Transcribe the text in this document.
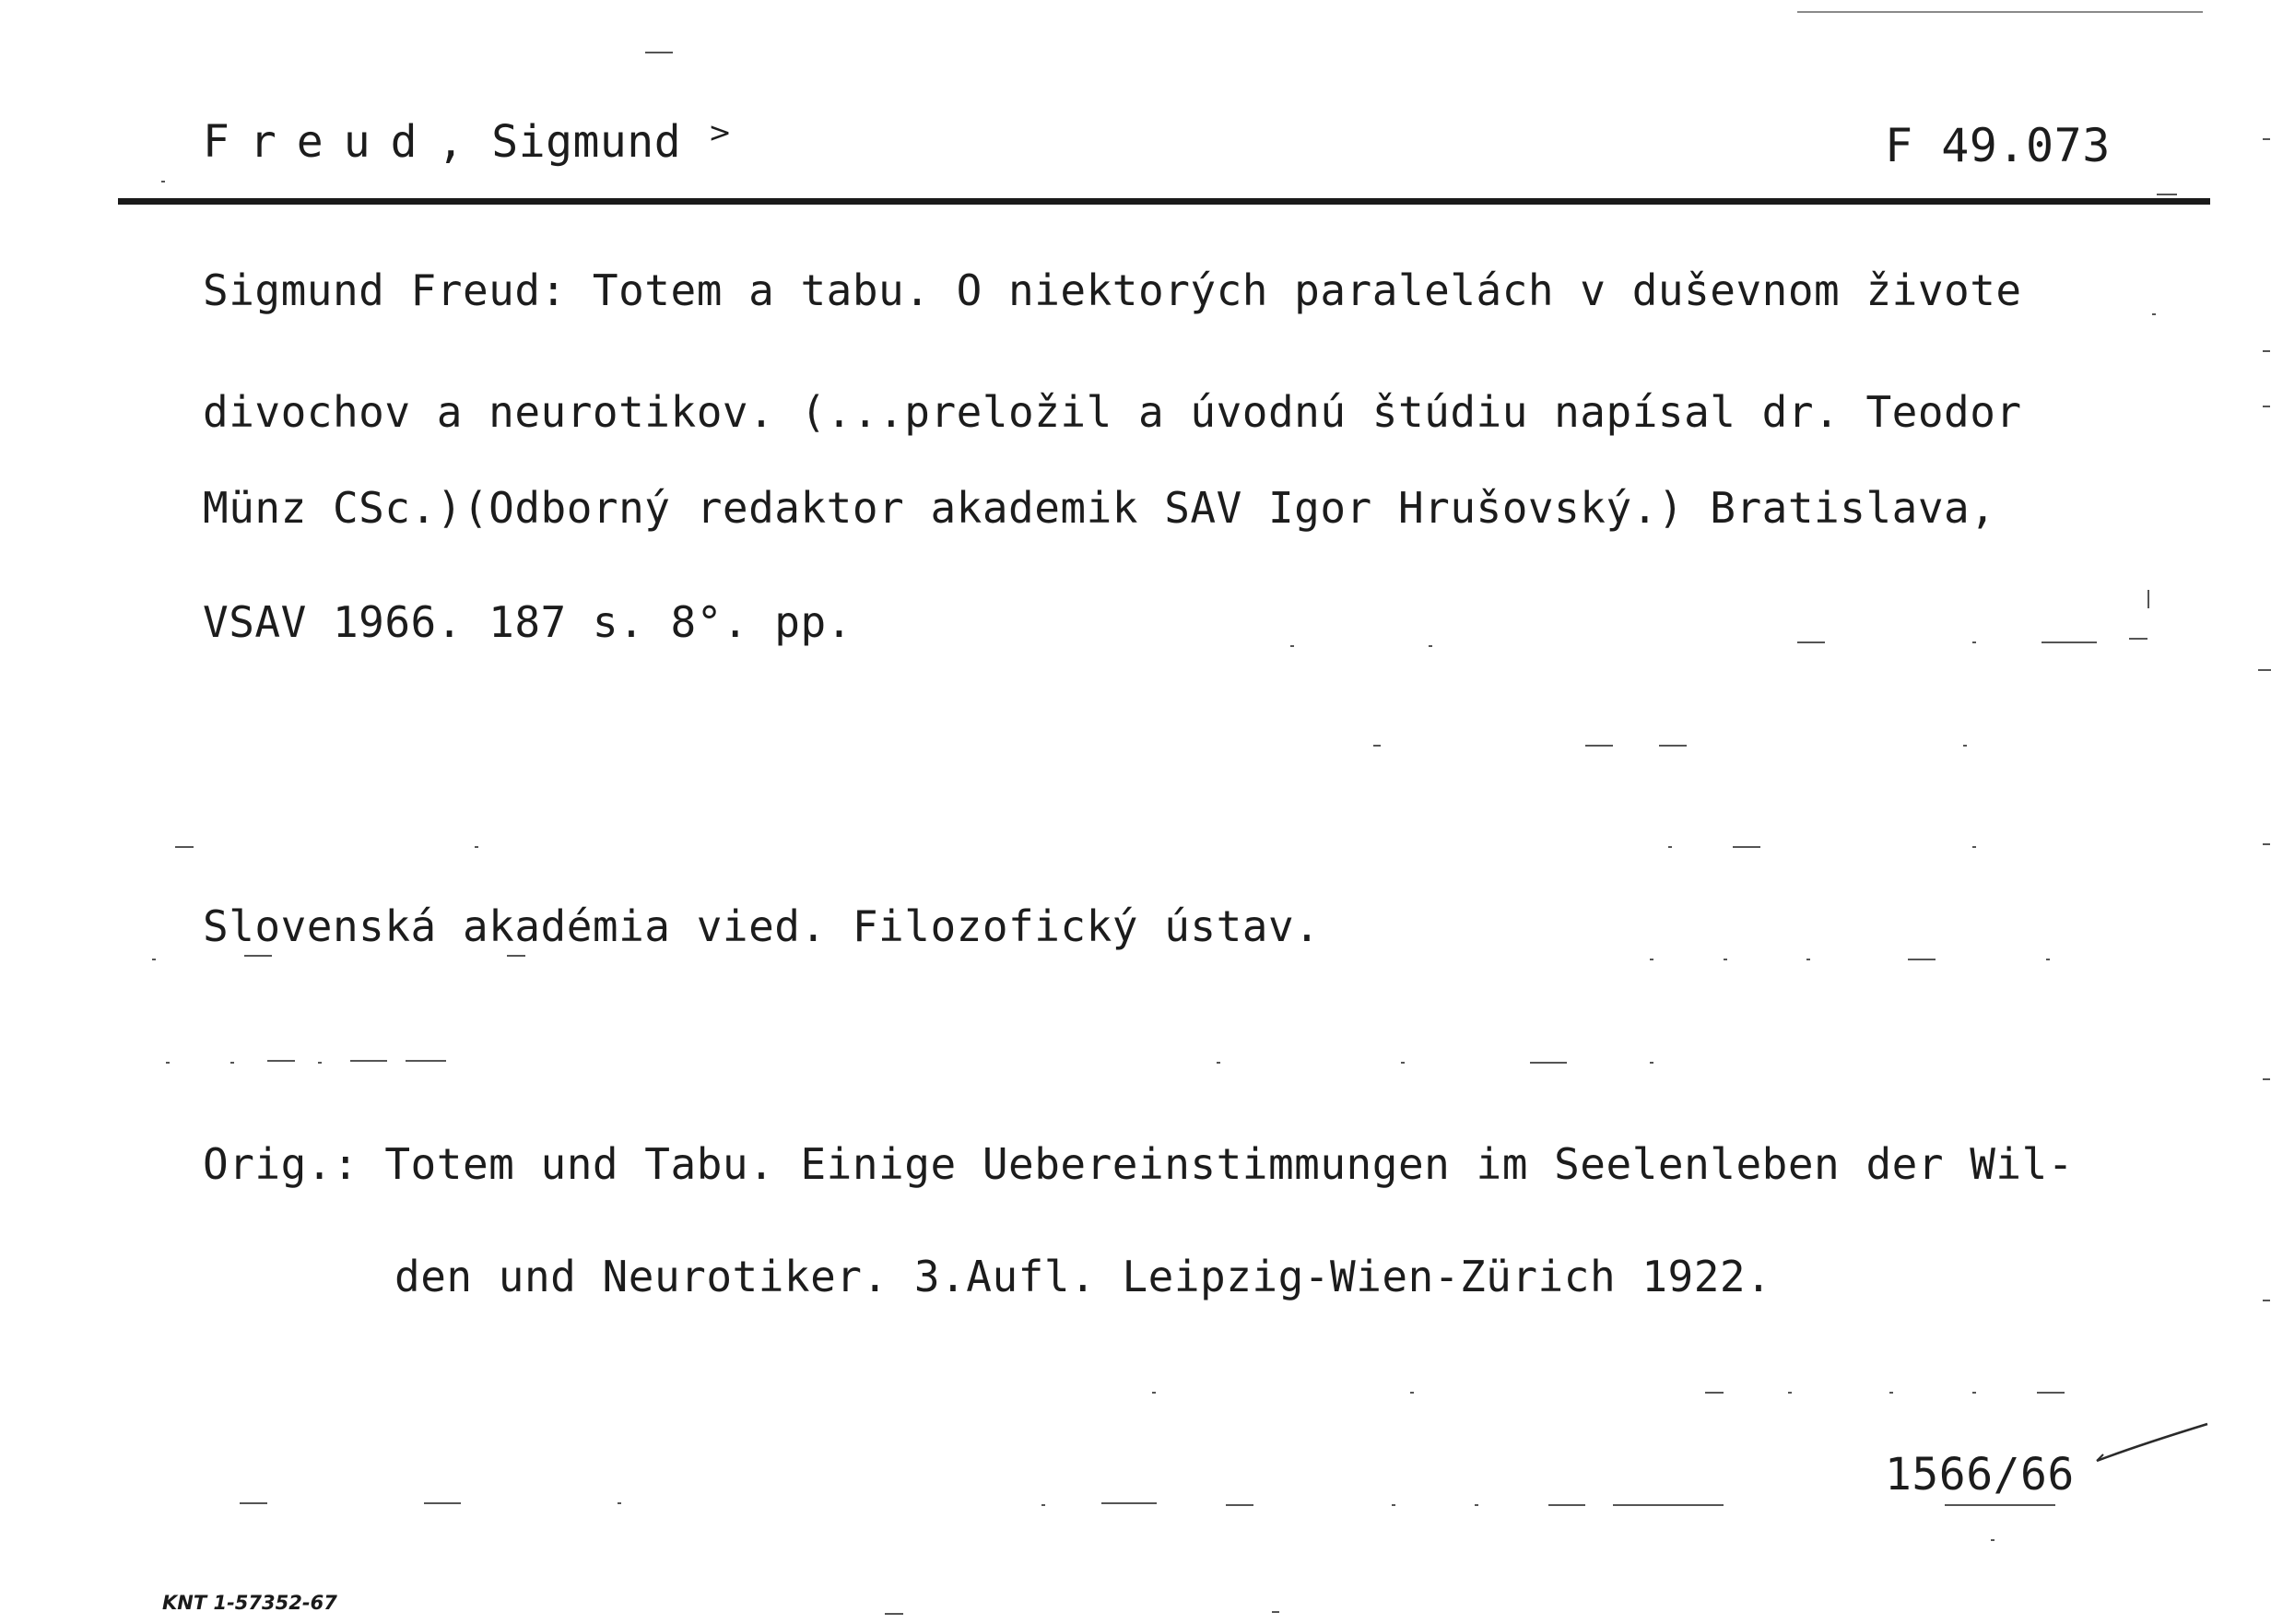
Freud, Sigmund >	F 49.073
Sigmund Freud: Totem a tabu. O niektorých paralelách v duševnom živote
divochov a neurotikov. (...preložil a úvodnú štúdiu napísal dr. Teodor
Münz CSc.)(Odborný redaktor akademik SAV Igor Hrušovský.) Bratislava,
VSAV 1966. 187 s. 8°. pp.
Slovenská akadémia vied. Filozofický ústav.
Orig.: Totem und Tabu. Einige Uebereinstimmungen im Seelenleben der Wil-
den und Neurotiker. 3.Aufl. Leipzig-Wien-Zürich 1922.
1566/66
KNT 1-57352-67
